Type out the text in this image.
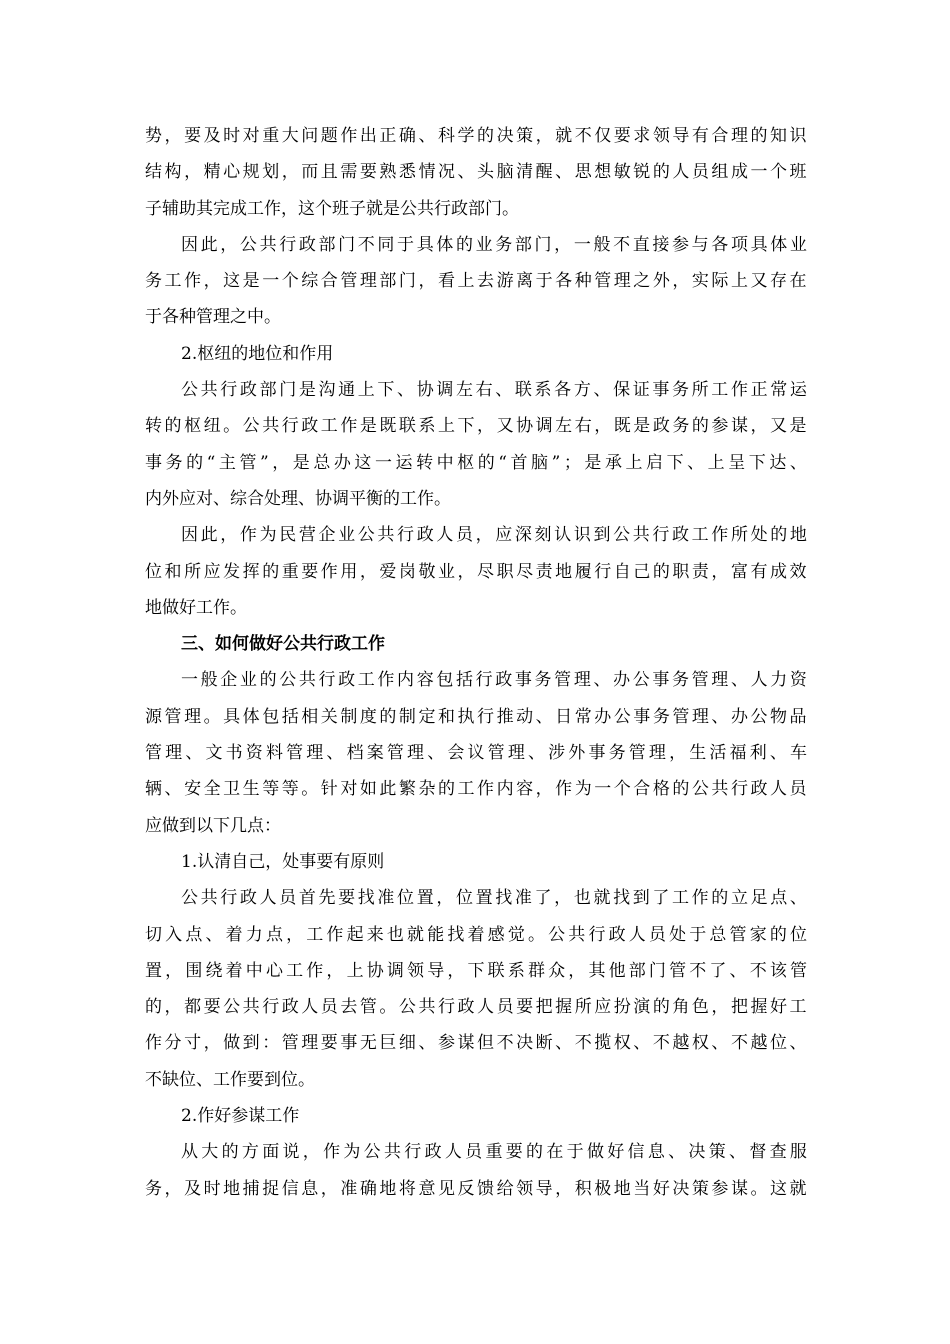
势 ， 要 及 时 对 重 大 问 题 作 出 正 确 、 科 学 的 决 策 ， 就 不 仅 要 求 领 导 有 合 理 的 知 识
结 构 ， 精 心 规 划 ， 而 且 需 要 熟 悉 情 况 、 头 脑 清 醒 、 思 想 敏 锐 的 人 员 组 成 一 个 班
子辅助其完成工作，这个班子就是公共行政部门。
因 此 ， 公 共 行 政 部 门 不 同 于 具 体 的 业 务 部 门 ， 一 般 不 直 接 参 与 各 项 具 体 业
务 工 作 ， 这 是 一 个 综 合 管 理 部 门 ， 看 上 去 游 离 于 各 种 管 理 之 外 ， 实 际 上 又 存 在
于各种管理之中。
2.枢纽的地位和作用
公 共 行 政 部 门 是 沟 通 上 下 、 协 调 左 右 、 联 系 各 方 、 保 证 事 务 所 工 作 正 常 运
转 的 枢 纽 。 公 共 行 政 工 作 是 既 联 系 上 下 ， 又 协 调 左 右 ， 既 是 政 务 的 参 谋 ， 又 是
事 务 的 “ 主 管 ” ， 是 总 办 这 一 运 转 中 枢 的 “ 首 脑 ” ； 是 承 上 启 下 、 上 呈 下 达 、
内外应对、综合处理、协调平衡的工作。
因 此 ， 作 为 民 营 企 业 公 共 行 政 人 员 ， 应 深 刻 认 识 到 公 共 行 政 工 作 所 处 的 地
位 和 所 应 发 挥 的 重 要 作 用 ， 爱 岗 敬 业 ， 尽 职 尽 责 地 履 行 自 己 的 职 责 ， 富 有 成 效
地做好工作。
三、如何做好公共行政工作
一 般 企 业 的 公 共 行 政 工 作 内 容 包 括 行 政 事 务 管 理 、 办 公 事 务 管 理 、 人 力 资
源 管 理 。 具 体 包 括 相 关 制 度 的 制 定 和 执 行 推 动 、 日 常 办 公 事 务 管 理 、 办 公 物 品
管 理 、 文 书 资 料 管 理 、 档 案 管 理 、 会 议 管 理 、 涉 外 事 务 管 理 ， 生 活 福 利 、 车
辆 、 安 全 卫 生 等 等 。 针 对 如 此 繁 杂 的 工 作 内 容 ， 作 为 一 个 合 格 的 公 共 行 政 人 员
应做到以下几点：
1.认清自己，处事要有原则
公 共 行 政 人 员 首 先 要 找 准 位 置 ， 位 置 找 准 了 ， 也 就 找 到 了 工 作 的 立 足 点 、
切 入 点 、 着 力 点 ， 工 作 起 来 也 就 能 找 着 感 觉 。 公 共 行 政 人 员 处 于 总 管 家 的 位
置 ， 围 绕 着 中 心 工 作 ， 上 协 调 领 导 ， 下 联 系 群 众 ， 其 他 部 门 管 不 了 、 不 该 管
的 ， 都 要 公 共 行 政 人 员 去 管 。 公 共 行 政 人 员 要 把 握 所 应 扮 演 的 角 色 ， 把 握 好 工
作 分 寸 ， 做 到 ： 管 理 要 事 无 巨 细 、 参 谋 但 不 决 断 、 不 揽 权 、 不 越 权 、 不 越 位 、
不缺位、工作要到位。
2.作好参谋工作
从 大 的 方 面 说 ， 作 为 公 共 行 政 人 员 重 要 的 在 于 做 好 信 息 、 决 策 、 督 查 服
务 ， 及 时 地 捕 捉 信 息 ， 准 确 地 将 意 见 反 馈 给 领 导 ， 积 极 地 当 好 决 策 参 谋 。 这 就
